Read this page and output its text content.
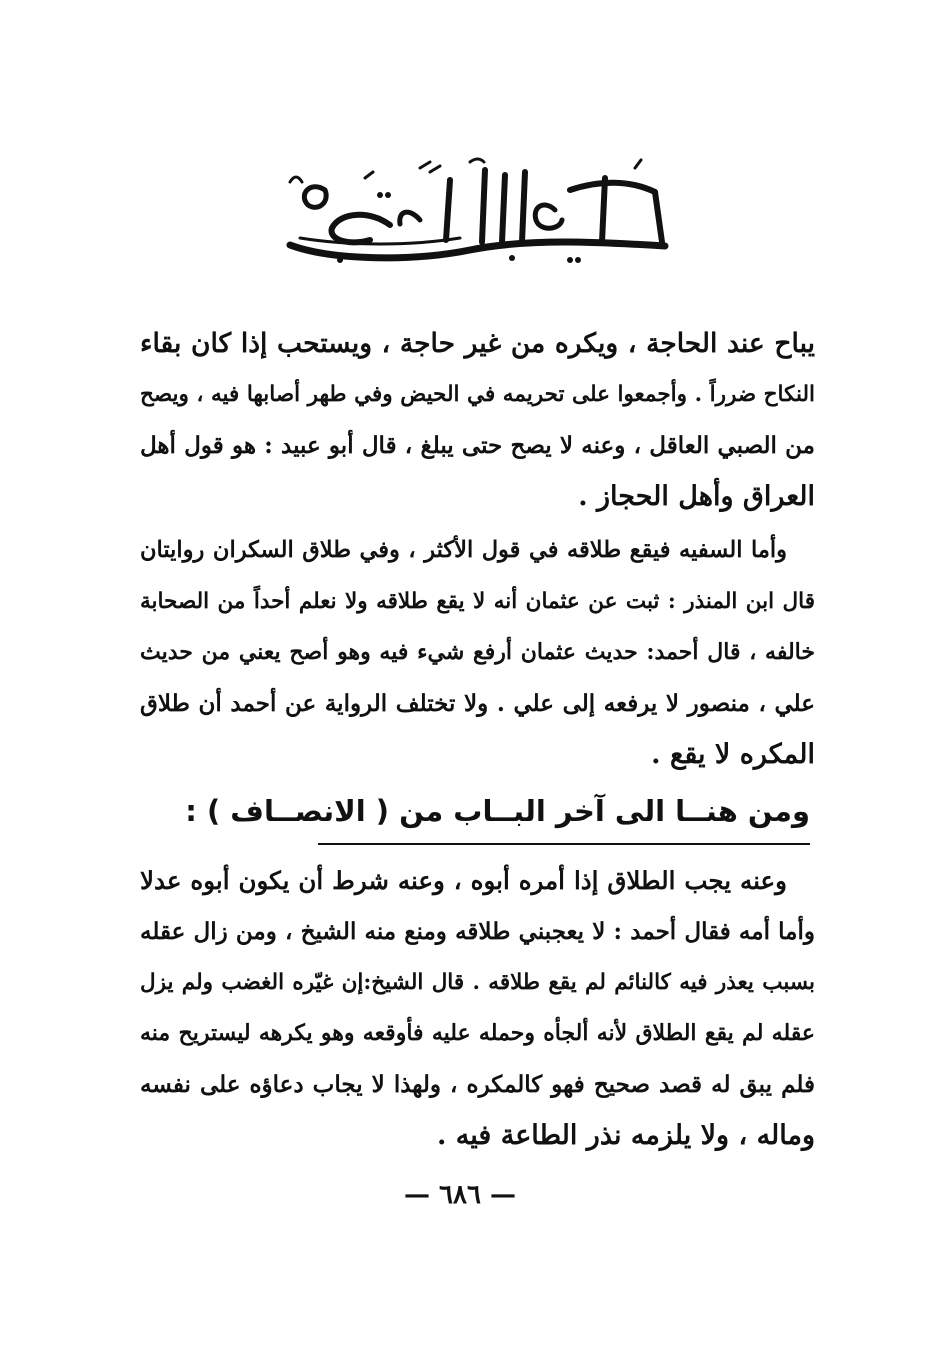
يباح عند الحاجة ، ويكره من غير حاجة ، ويستحب إذا كان بقاء
النكاح ضرراً . وأجمعوا على تحريمه في الحيض وفي طهر أصابها فيه ، ويصح
من الصبي العاقل ، وعنه لا يصح حتى يبلغ ، قال أبو عبيد : هو قول أهل
العراق وأهل الحجاز .
وأما السفيه فيقع طلاقه في قول الأكثر ، وفي طلاق السكران روايتان
قال ابن المنذر : ثبت عن عثمان أنه لا يقع طلاقه ولا نعلم أحداً من الصحابة
خالفه ، قال أحمد: حديث عثمان أرفع شيء فيه وهو أصح يعني من حديث
علي ، منصور لا يرفعه إلى علي . ولا تختلف الرواية عن أحمد أن طلاق
المكره لا يقع .
ومن هنــا الى آخر البــاب من ( الانصــاف ) :
وعنه يجب الطلاق إذا أمره أبوه ، وعنه شرط أن يكون أبوه عدلا
وأما أمه فقال أحمد : لا يعجبني طلاقه ومنع منه الشيخ ، ومن زال عقله
بسبب يعذر فيه كالنائم لم يقع طلاقه . قال الشيخ:إن غيّره الغضب ولم يزل
عقله لم يقع الطلاق لأنه ألجأه وحمله عليه فأوقعه وهو يكرهه ليستريح منه
فلم يبق له قصد صحيح فهو كالمكره ، ولهذا لا يجاب دعاؤه على نفسه
وماله ، ولا يلزمه نذر الطاعة فيه .
— ٦٨٦ —
